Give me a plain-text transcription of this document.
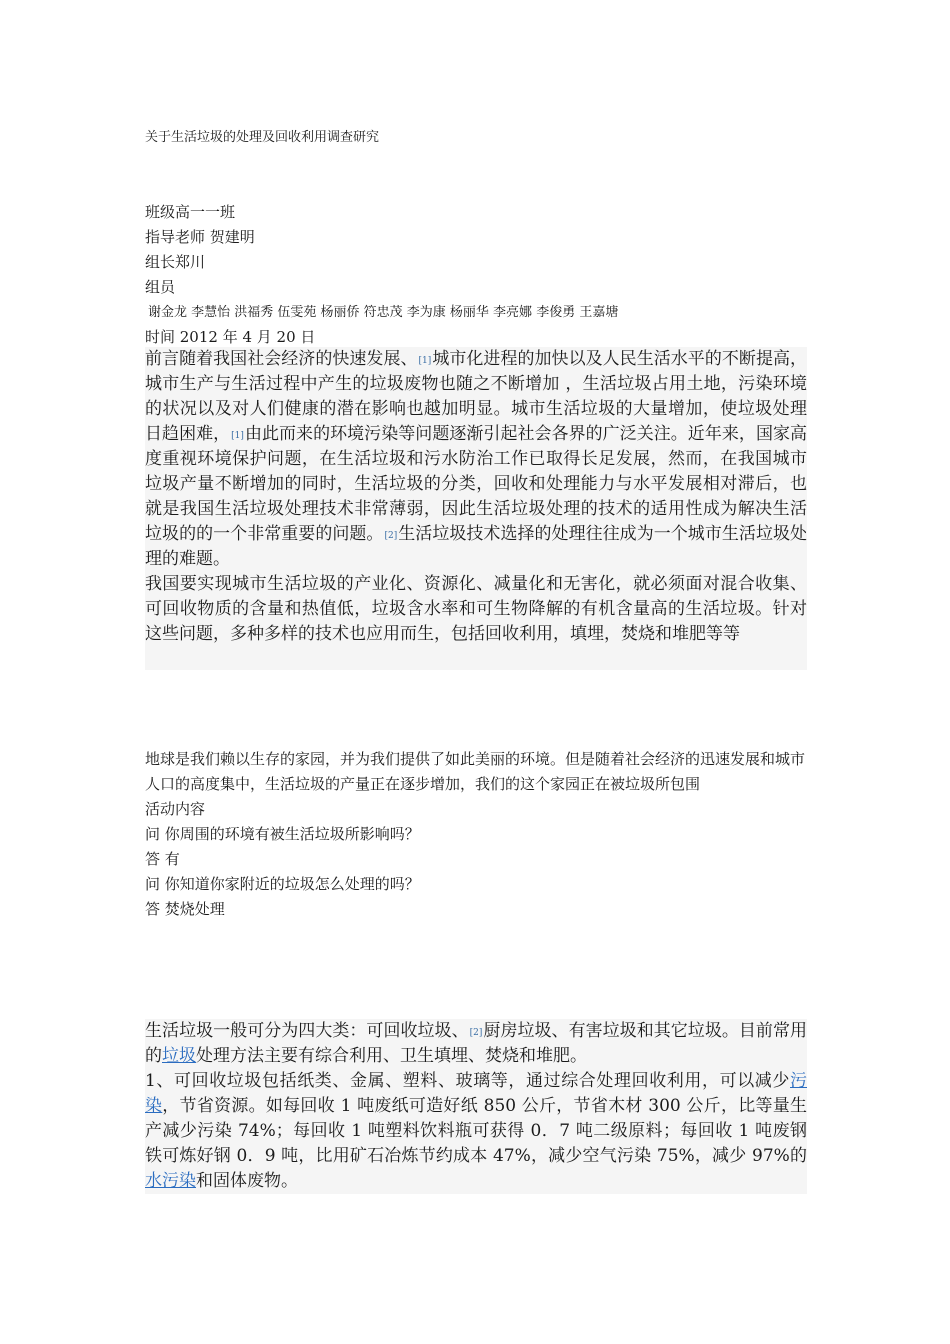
关于生活垃圾的处理及回收利用调查研究
班级高一一班
指导老师 贺建明
组长郑川
组员
谢金龙 李慧怡 洪福秀 伍雯苑 杨丽侨 符忠茂 李为康 杨丽华 李亮娜 李俊勇 王嘉塘
时间 2012 年 4 月 20 日

前言随着我国社会经济的快速发展、[1]城市化进程的加快以及人民生活水平的不断提高，城市生产与生活过程中产生的垃圾废物也随之不断增加 ，生活垃圾占用土地，污染环境的状况以及对人们健康的潜在影响也越加明显。城市生活垃圾的大量增加，使垃圾处理日趋困难，[1]由此而来的环境污染等问题逐渐引起社会各界的广泛关注。近年来，国家高度重视环境保护问题，在生活垃圾和污水防治工作已取得长足发展，然而，在我国城市垃圾产量不断增加的同时，生活垃圾的分类，回收和处理能力与水平发展相对滞后，也就是我国生活垃圾处理技术非常薄弱，因此生活垃圾处理的技术的适用性成为解决生活垃圾的的一个非常重要的问题。[2]生活垃圾技术选择的处理往往成为一个城市生活垃圾处理的难题。

我国要实现城市生活垃圾的产业化、资源化、减量化和无害化，就必须面对混合收集、可回收物质的含量和热值低，垃圾含水率和可生物降解的有机含量高的生活垃圾。针对这些问题，多种多样的技术也应用而生，包括回收利用，填埋，焚烧和堆肥等等

地球是我们赖以生存的家园，并为我们提供了如此美丽的环境。但是随着社会经济的迅速发展和城市人口的高度集中，生活垃圾的产量正在逐步增加，我们的这个家园正在被垃圾所包围

活动内容

问 你周围的环境有被生活垃圾所影响吗？

答 有

问 你知道你家附近的垃圾怎么处理的吗？

答 焚烧处理

生活垃圾一般可分为四大类：可回收垃圾、[2]厨房垃圾、有害垃圾和其它垃圾。目前常用的垃圾处理方法主要有综合利用、卫生填埋、焚烧和堆肥。

1、可回收垃圾包括纸类、金属、塑料、玻璃等，通过综合处理回收利用，可以减少污染，节省资源。如每回收 1 吨废纸可造好纸 850 公斤，节省木材 300 公斤，比等量生产减少污染 74%；每回收 1 吨塑料饮料瓶可获得 0．7 吨二级原料；每回收 1 吨废钢铁可炼好钢 0．9 吨，比用矿石冶炼节约成本 47%，减少空气污染 75%，减少 97%的水污染和固体废物。
